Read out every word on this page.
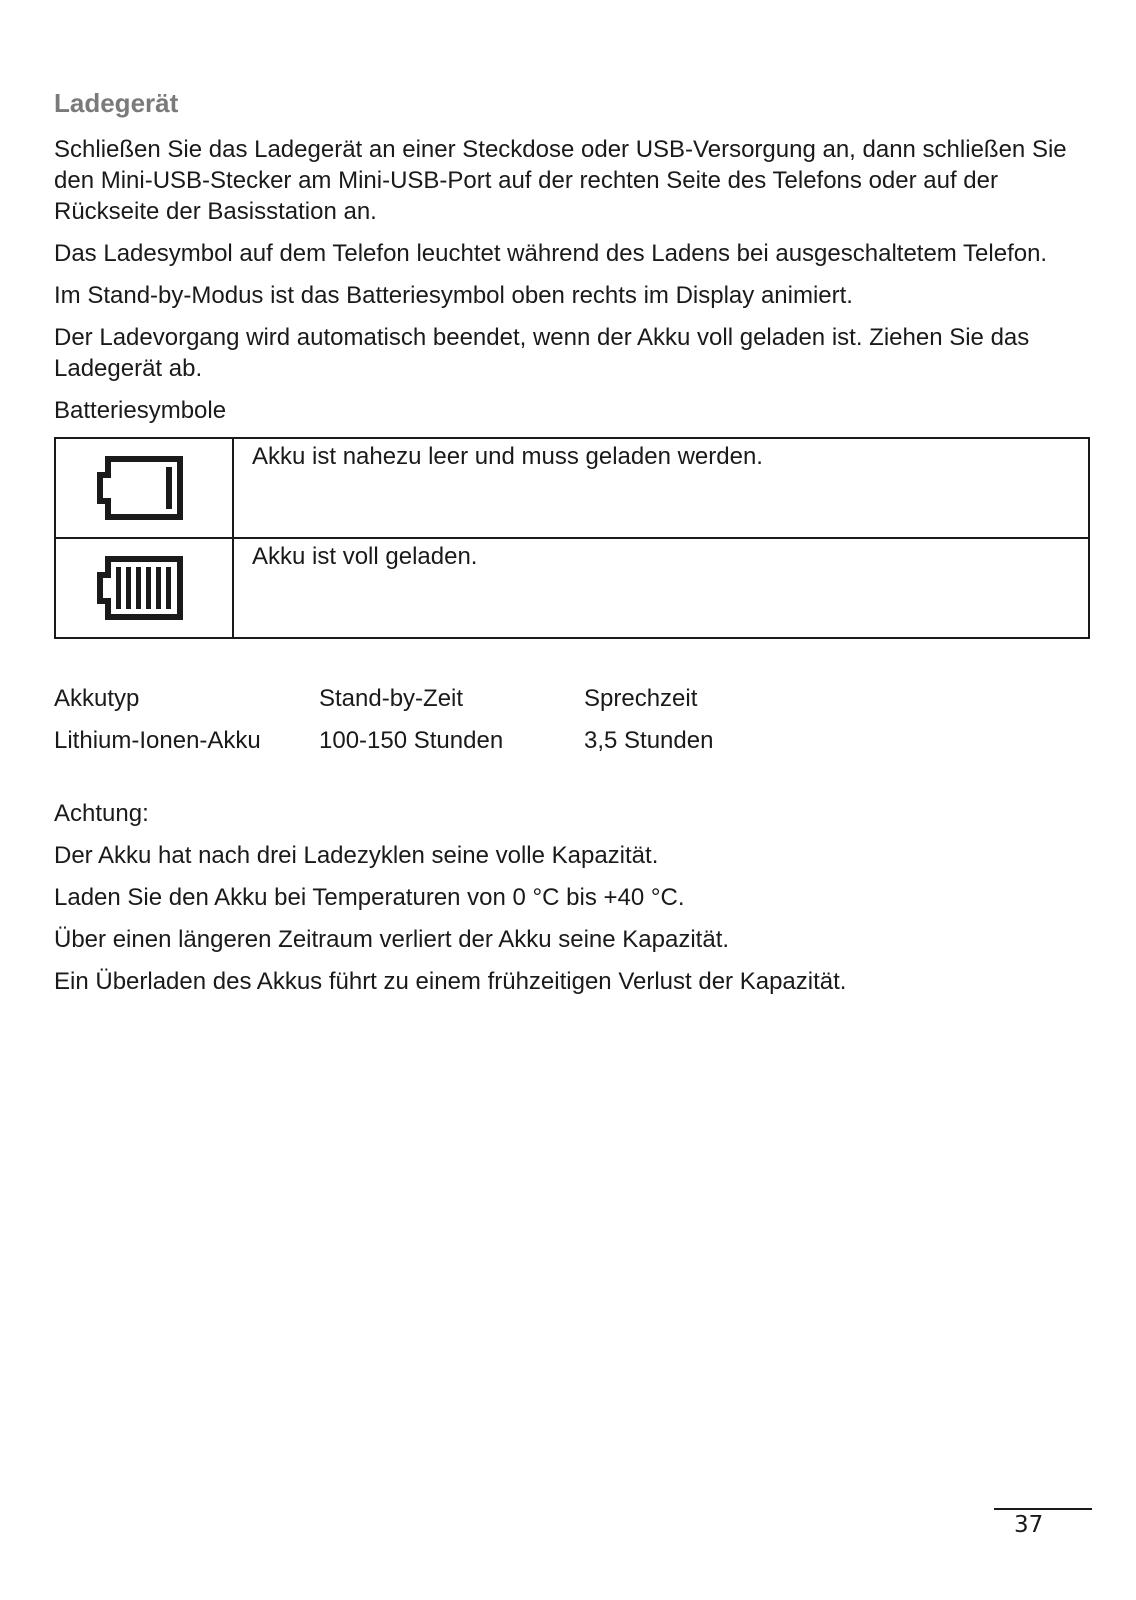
Ladegerät

Schließen Sie das Ladegerät an einer Steckdose oder USB-Versorgung an, dann schließen Sie den Mini-USB-Stecker am Mini-USB-Port auf der rechten Seite des Telefons oder auf der Rückseite der Basisstation an.

Das Ladesymbol auf dem Telefon leuchtet während des Ladens bei ausgeschaltetem Telefon.

Im Stand-by-Modus ist das Batteriesymbol oben rechts im Display animiert.

Der Ladevorgang wird automatisch beendet, wenn der Akku voll geladen ist. Ziehen Sie das Ladegerät ab.

Batteriesymbole
	Akku ist nahezu leer und muss geladen werden.

	Akku ist voll geladen.
Akkutyp	Stand-by-Zeit	Sprechzeit
Lithium-Ionen-Akku	100-150 Stunden	3,5 Stunden

Achtung:

Der Akku hat nach drei Ladezyklen seine volle Kapazität.

Laden Sie den Akku bei Temperaturen von 0 °C bis +40 °C.

Über einen längeren Zeitraum verliert der Akku seine Kapazität.

Ein Überladen des Akkus führt zu einem frühzeitigen Verlust der Kapazität.

37
